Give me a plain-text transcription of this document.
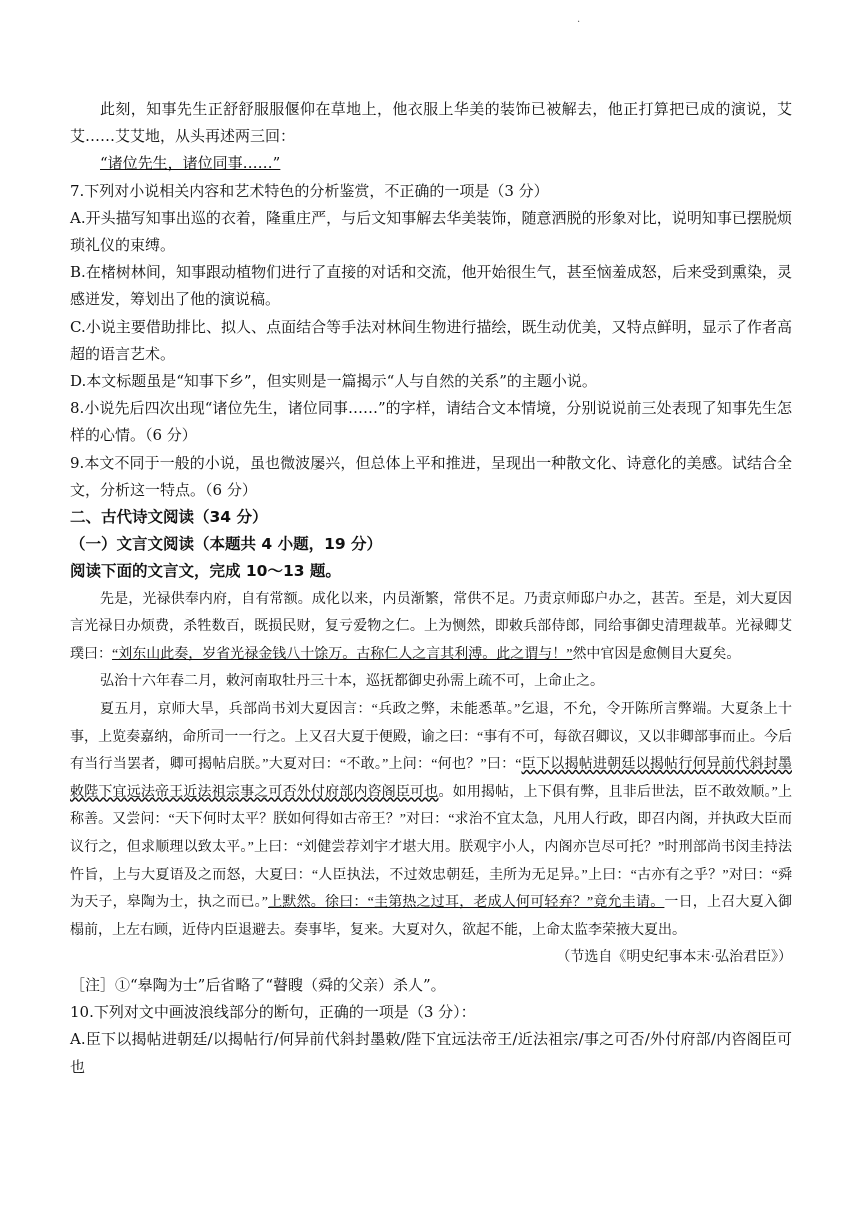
.

此刻，知事先生正舒舒服服偃仰在草地上，他衣服上华美的装饰已被解去，他正打算把已成的演说，艾艾……艾艾地，从头再述两三回：

“诸位先生，诸位同事……”

7.下列对小说相关内容和艺术特色的分析鉴赏，不正确的一项是（3 分）

A.开头描写知事出巡的衣着，隆重庄严，与后文知事解去华美装饰，随意洒脱的形象对比，说明知事已摆脱烦琐礼仪的束缚。

B.在楮树林间，知事跟动植物们进行了直接的对话和交流，他开始很生气，甚至恼羞成怒，后来受到熏染，灵感迸发，筹划出了他的演说稿。

C.小说主要借助排比、拟人、点面结合等手法对林间生物进行描绘，既生动优美，又特点鲜明，显示了作者高超的语言艺术。

D.本文标题虽是“知事下乡”，但实则是一篇揭示“人与自然的关系”的主题小说。

8.小说先后四次出现“诸位先生，诸位同事……”的字样，请结合文本情境，分别说说前三处表现了知事先生怎样的心情。（6 分）

9.本文不同于一般的小说，虽也微波屡兴，但总体上平和推进，呈现出一种散文化、诗意化的美感。试结合全文，分析这一特点。（6 分）

二、古代诗文阅读（34 分）

（一）文言文阅读（本题共 4 小题，19 分）

阅读下面的文言文，完成 10～13 题。

先是，光禄供奉内府，自有常额。成化以来，内员渐繁，常供不足。乃责京师邸户办之，甚苦。至是，刘大夏因言光禄日办烦费，杀牲数百，既损民财，复亏爱物之仁。上为恻然，即敕兵部侍郎，同给事御史清理裁革。光禄卿艾璞曰：“刘东山此奏，岁省光禄金钱八十馀万。古称仁人之言其利溥。此之谓与！”然中官因是愈侧目大夏矣。

弘治十六年春二月，敕河南取牡丹三十本，巡抚都御史孙需上疏不可，上命止之。

夏五月，京师大旱，兵部尚书刘大夏因言：“兵政之弊，未能悉革。”乞退，不允，令开陈所言弊端。大夏条上十事，上览奏嘉纳，命所司一一行之。上又召大夏于便殿，谕之曰：“事有不可，每欲召卿议，又以非卿部事而止。今后有当行当罢者，卿可揭帖启朕。”大夏对曰：“不敢。”上问：“何也？”曰：“臣下以揭帖进朝廷以揭帖行何异前代斜封墨敕陛下宜远法帝王近法祖宗事之可否外付府部内咨阁臣可也。如用揭帖，上下俱有弊，且非后世法，臣不敢效顺。”上称善。又尝问：“天下何时太平？朕如何得如古帝王？”对曰：“求治不宜太急，凡用人行政，即召内阁，并执政大臣而议行之，但求顺理以致太平。”上曰：“刘健尝荐刘宇才堪大用。朕观宇小人，内阁亦岂尽可托？”时刑部尚书闵圭持法忤旨，上与大夏语及之而怒，大夏曰：“人臣执法，不过效忠朝廷，圭所为无足异。”上曰：“古亦有之乎？”对曰：“舜为天子，皋陶为士，执之而已。”上默然。徐曰：“圭第热之过耳，老成人何可轻弃？”竟允圭请。一日，上召大夏入御榻前，上左右顾，近侍内臣退避去。奏事毕，复来。大夏对久，欲起不能，上命太监李荣掖大夏出。

（节选自《明史纪事本末·弘治君臣》）

［注］①“皋陶为士”后省略了“瞽瞍（舜的父亲）杀人”。

10.下列对文中画波浪线部分的断句，正确的一项是（3 分）：

A.臣下以揭帖进朝廷/以揭帖行/何异前代斜封墨敕/陛下宜远法帝王/近法祖宗/事之可否/外付府部/内咨阁臣可也
